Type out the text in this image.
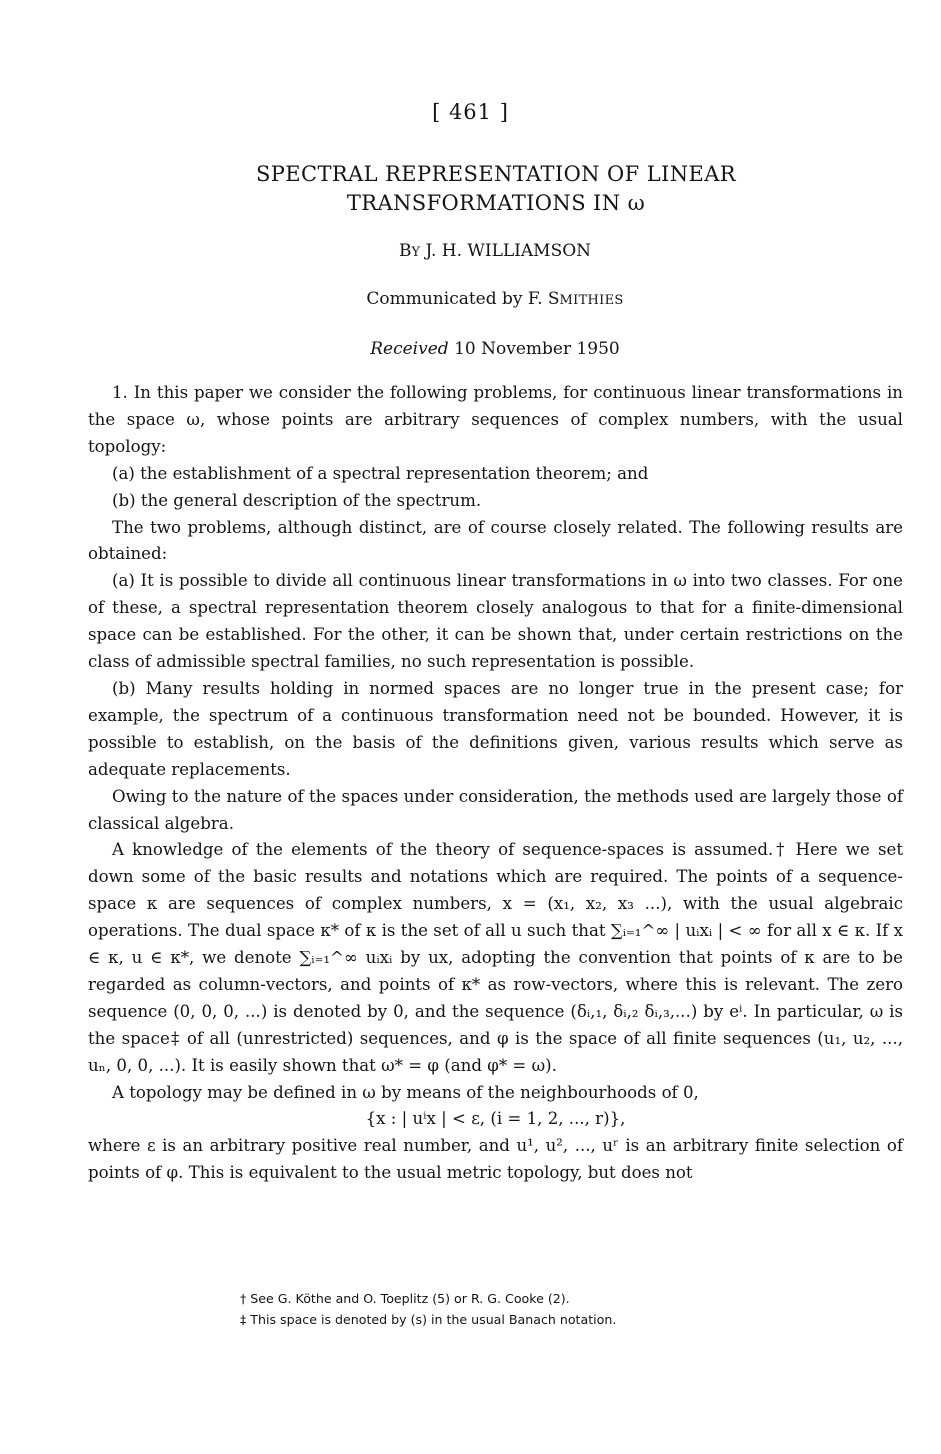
[ 461 ]
SPECTRAL REPRESENTATION OF LINEAR
TRANSFORMATIONS IN ω
BY J. H. WILLIAMSON
Communicated by F. SMITHIES
Received 10 November 1950

1. In this paper we consider the following problems, for continuous linear transformations in the space ω, whose points are arbitrary sequences of complex numbers, with the usual topology:

(a) the establishment of a spectral representation theorem; and

(b) the general description of the spectrum.

The two problems, although distinct, are of course closely related. The following results are obtained:

(a) It is possible to divide all continuous linear transformations in ω into two classes. For one of these, a spectral representation theorem closely analogous to that for a finite-dimensional space can be established. For the other, it can be shown that, under certain restrictions on the class of admissible spectral families, no such representation is possible.

(b) Many results holding in normed spaces are no longer true in the present case; for example, the spectrum of a continuous transformation need not be bounded. However, it is possible to establish, on the basis of the definitions given, various results which serve as adequate replacements.

Owing to the nature of the spaces under consideration, the methods used are largely those of classical algebra.

A knowledge of the elements of the theory of sequence-spaces is assumed.† Here we set down some of the basic results and notations which are required. The points of a sequence-space κ are sequences of complex numbers, x = (x₁, x₂, x₃ ...), with the usual algebraic operations. The dual space κ* of κ is the set of all u such that ∑ᵢ₌₁^∞ | uᵢxᵢ | < ∞ for all x ∈ κ. If x ∈ κ, u ∈ κ*, we denote ∑ᵢ₌₁^∞ uᵢxᵢ by ux, adopting the convention that points of κ are to be regarded as column-vectors, and points of κ* as row-vectors, where this is relevant. The zero sequence (0, 0, 0, ...) is denoted by 0, and the sequence (δᵢ,₁, δᵢ,₂ δᵢ,₃,...) by eⁱ. In particular, ω is the space‡ of all (unrestricted) sequences, and φ is the space of all finite sequences (u₁, u₂, ..., uₙ, 0, 0, ...). It is easily shown that ω* = φ (and φ* = ω).

A topology may be defined in ω by means of the neighbourhoods of 0,

{x : | uⁱx | < ε, (i = 1, 2, ..., r)},

where ε is an arbitrary positive real number, and u¹, u², ..., uʳ is an arbitrary finite selection of points of φ. This is equivalent to the usual metric topology, but does not

† See G. Köthe and O. Toeplitz (5) or R. G. Cooke (2).

‡ This space is denoted by (s) in the usual Banach notation.
